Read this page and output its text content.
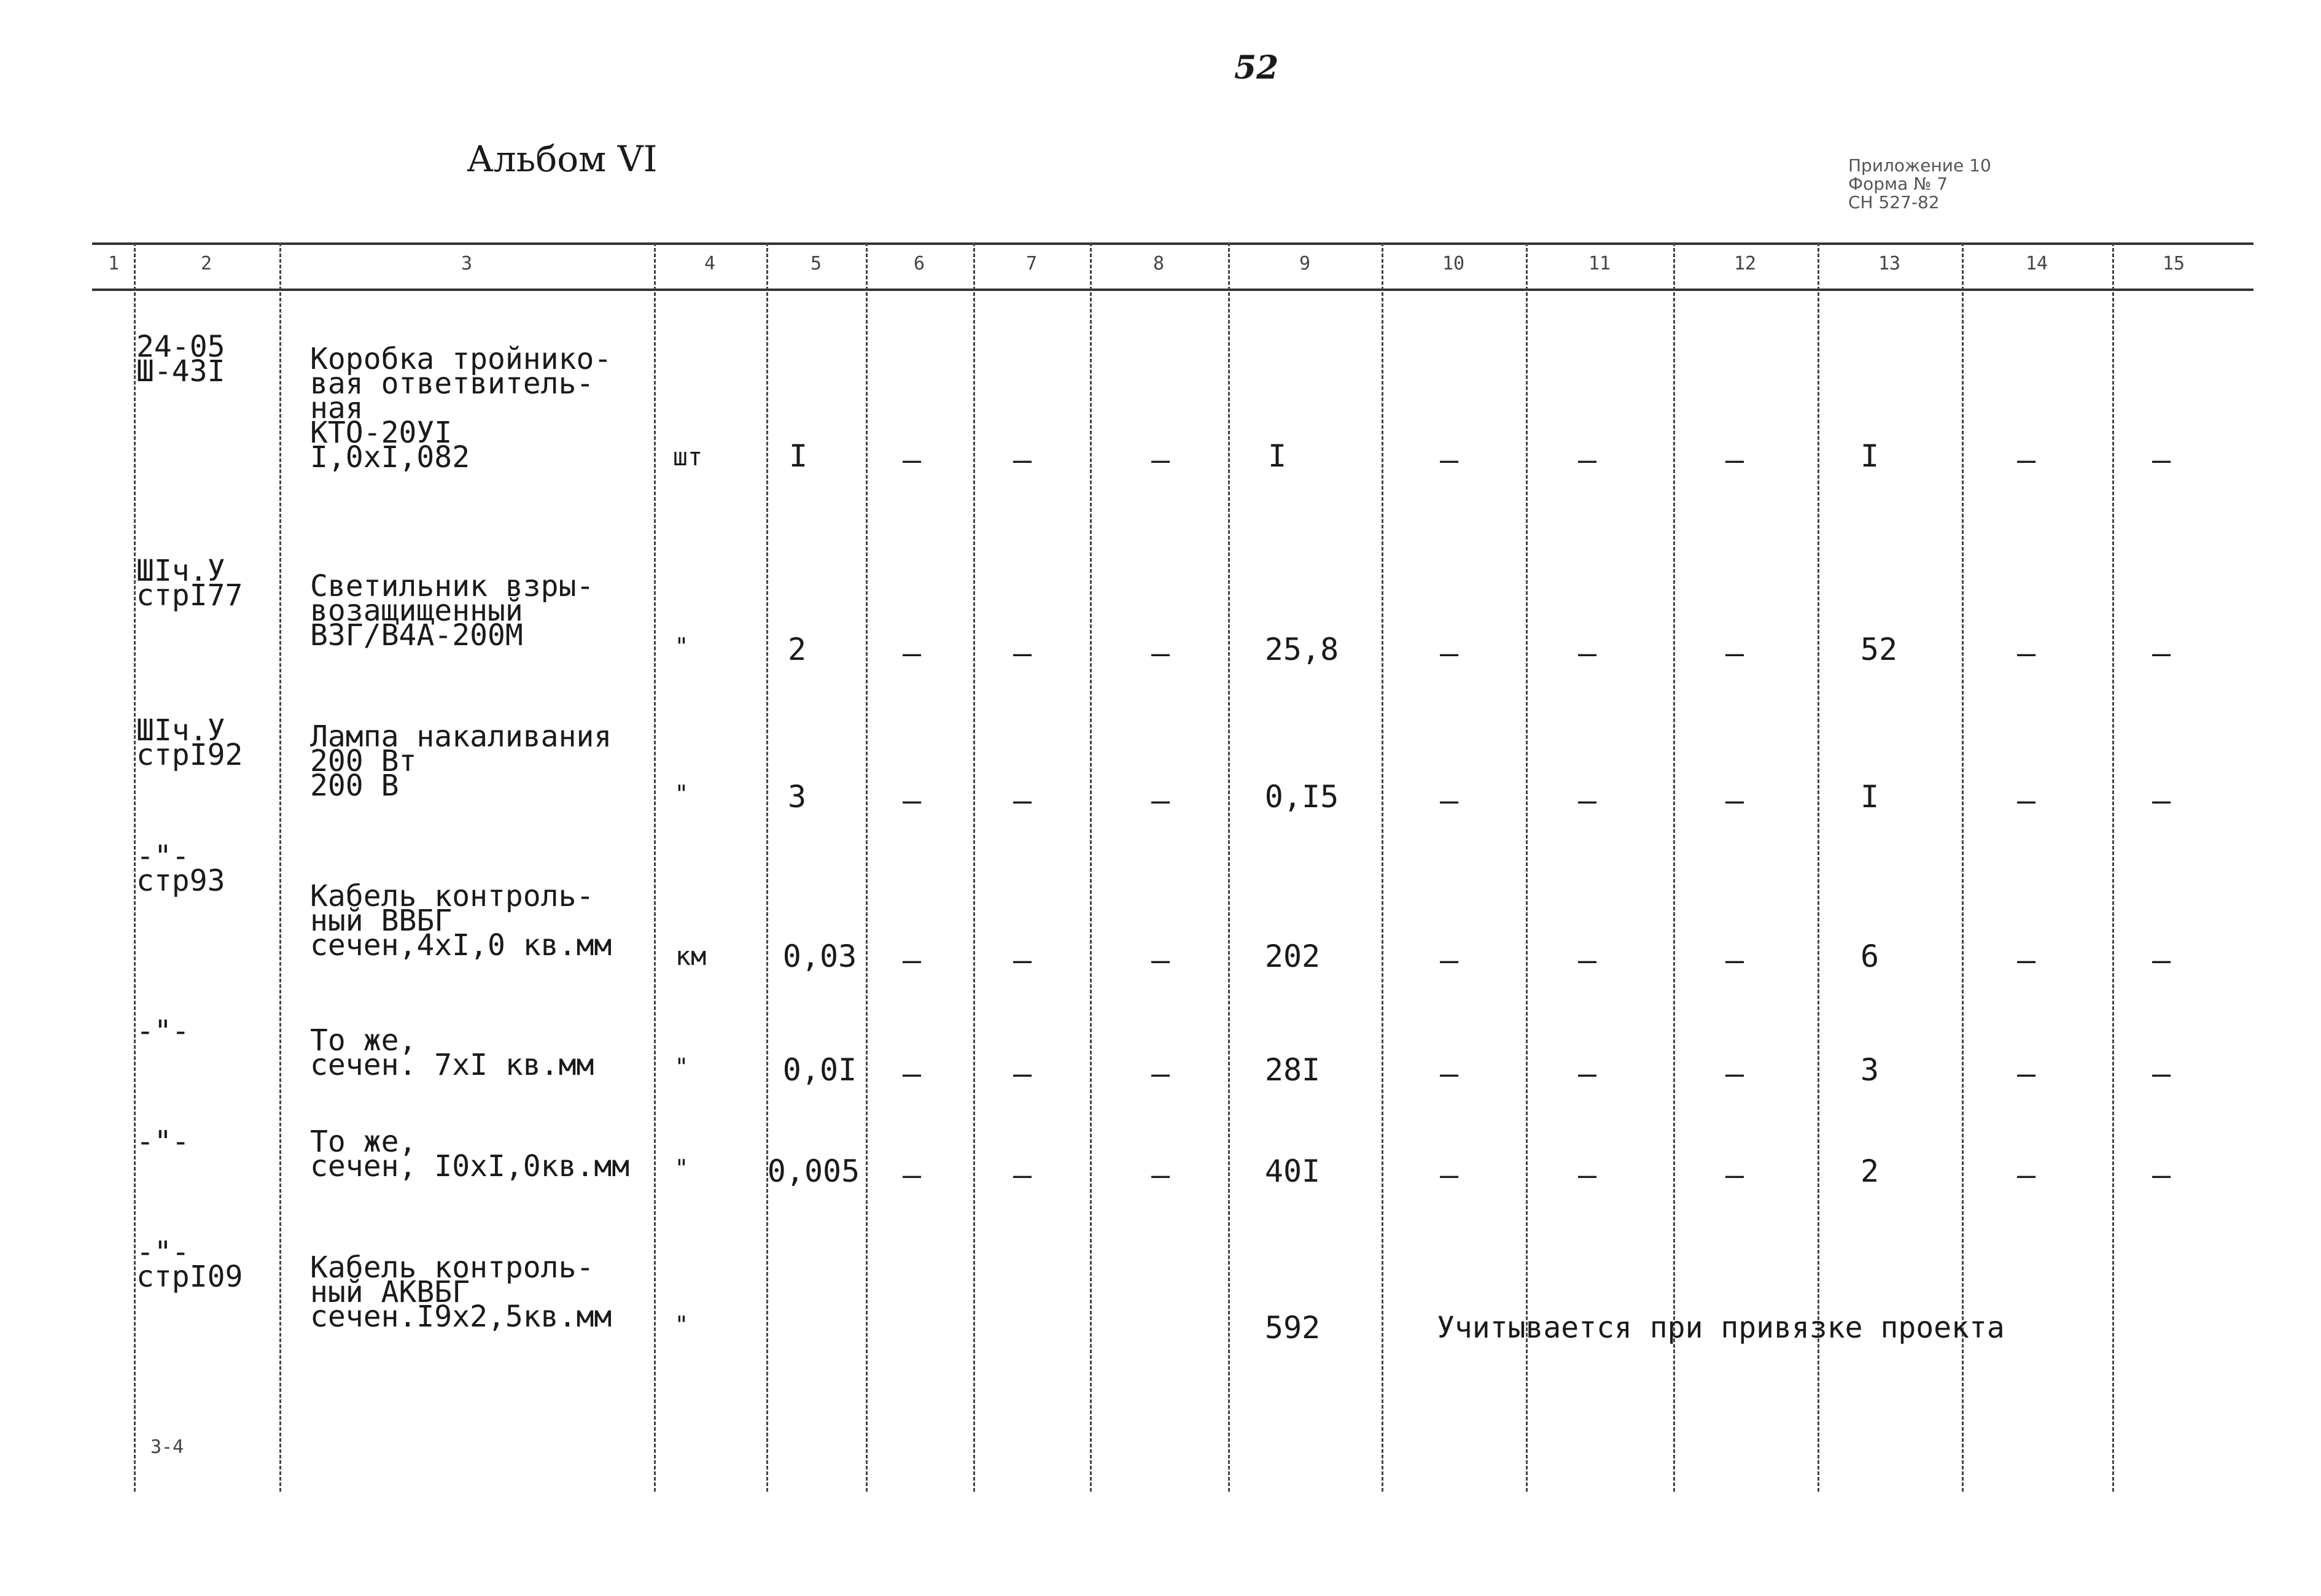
52
Альбом VI	Приложение 10
Форма № 7
СН 527-82
1	2	3	4	5	6	7	8	9	10	11	12	13	14	15
24-05
Ш-43I	Коробка тройнико-
вая ответвитель-
ная
КТО-20УI
I,0xI,082	шт	I	–	–	–	I	–	–	–	I	–	–
ШIч.У
стрI77 Светильник взры-
возащищенный
ВЗГ/В4А-200М	"	2	–	–	–	25,8	–	–	–	52	–	–
ШIч.У
стрI92
Лампа накаливания
200 Вт
200 В	"	3	–	–	–	0,I5	–	–	–	I	–	–
-"-
стр93	Кабель контроль-
ный ВВБГ
сечен,4xI,0 кв.мм км 0,03 –	–	–	202	–	–	–	6	–	–
-"-	То же,
сечен. 7xI кв.мм	"	0,0I –	–	–	28I	–	–	–	3	–	–
-"-	То же,
сечен, I0xI,0кв.мм "	0,005 –	–	–	40I	–	–	–	2	–	–
-"-
стрI09 Кабель контроль-
ный АКВБГ
сечен.I9x2,5кв.мм	"	592	Учитывается при привязке проекта
3-4
